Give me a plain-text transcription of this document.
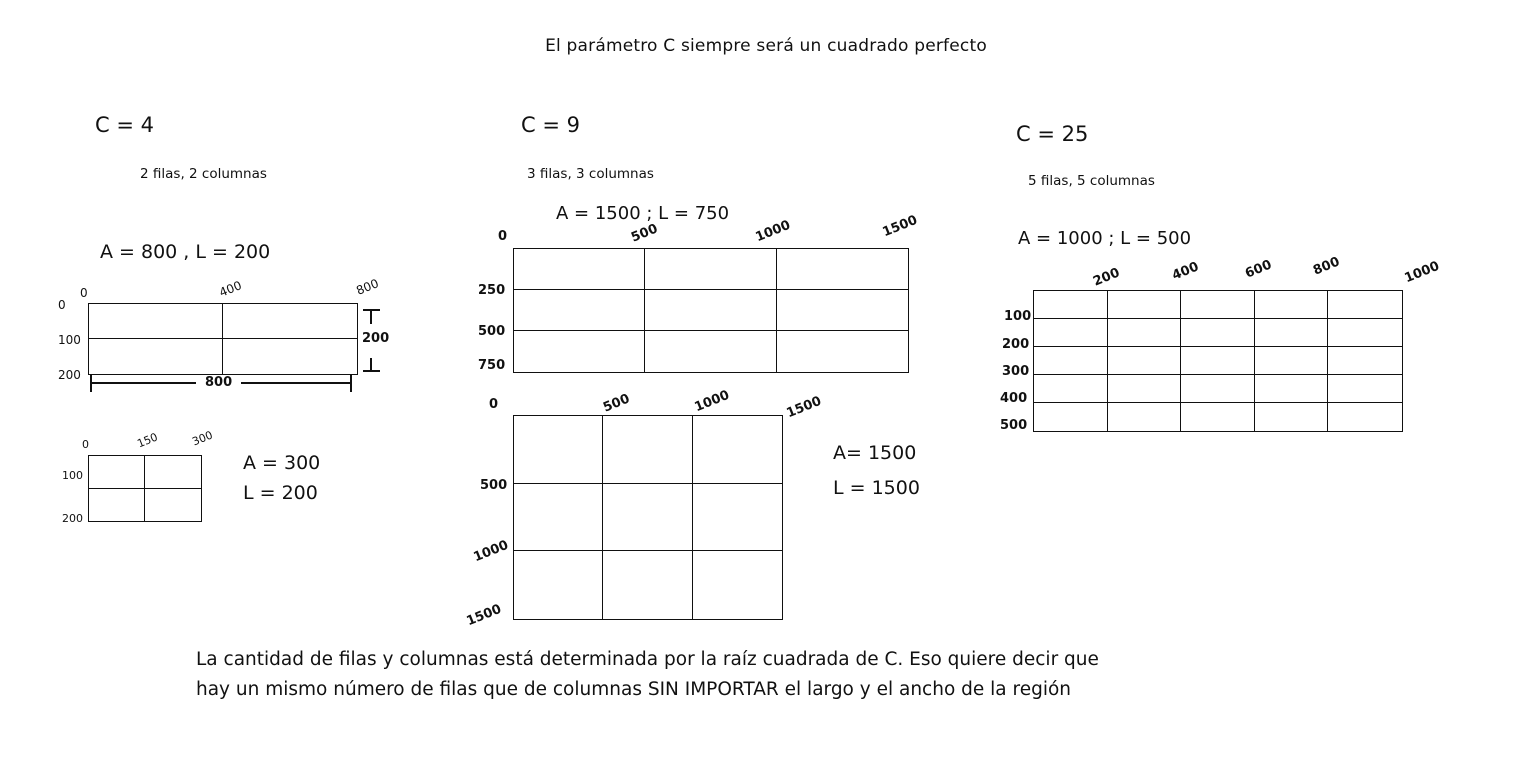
El parámetro C siempre será un cuadrado perfecto
C = 4
2 filas, 2 columnas
A = 800 , L = 200
0	400	800
0
100
200	800
200
0	150	300
100
200
A = 300
L = 200
C = 9
3 filas, 3 columnas
A = 1500 ; L = 750
0	500	1000	1500
250
500
750
0	500	1000	1500
500
1000
1500
A= 1500
L = 1500
C = 25
5 filas, 5 columnas
A = 1000 ; L = 500
200	400	600	800	1000
100
200
300
400
500
La cantidad de filas y columnas está determinada por la raíz cuadrada de C. Eso quiere decir que
hay un mismo número de filas que de columnas SIN IMPORTAR el largo y el ancho de la región
